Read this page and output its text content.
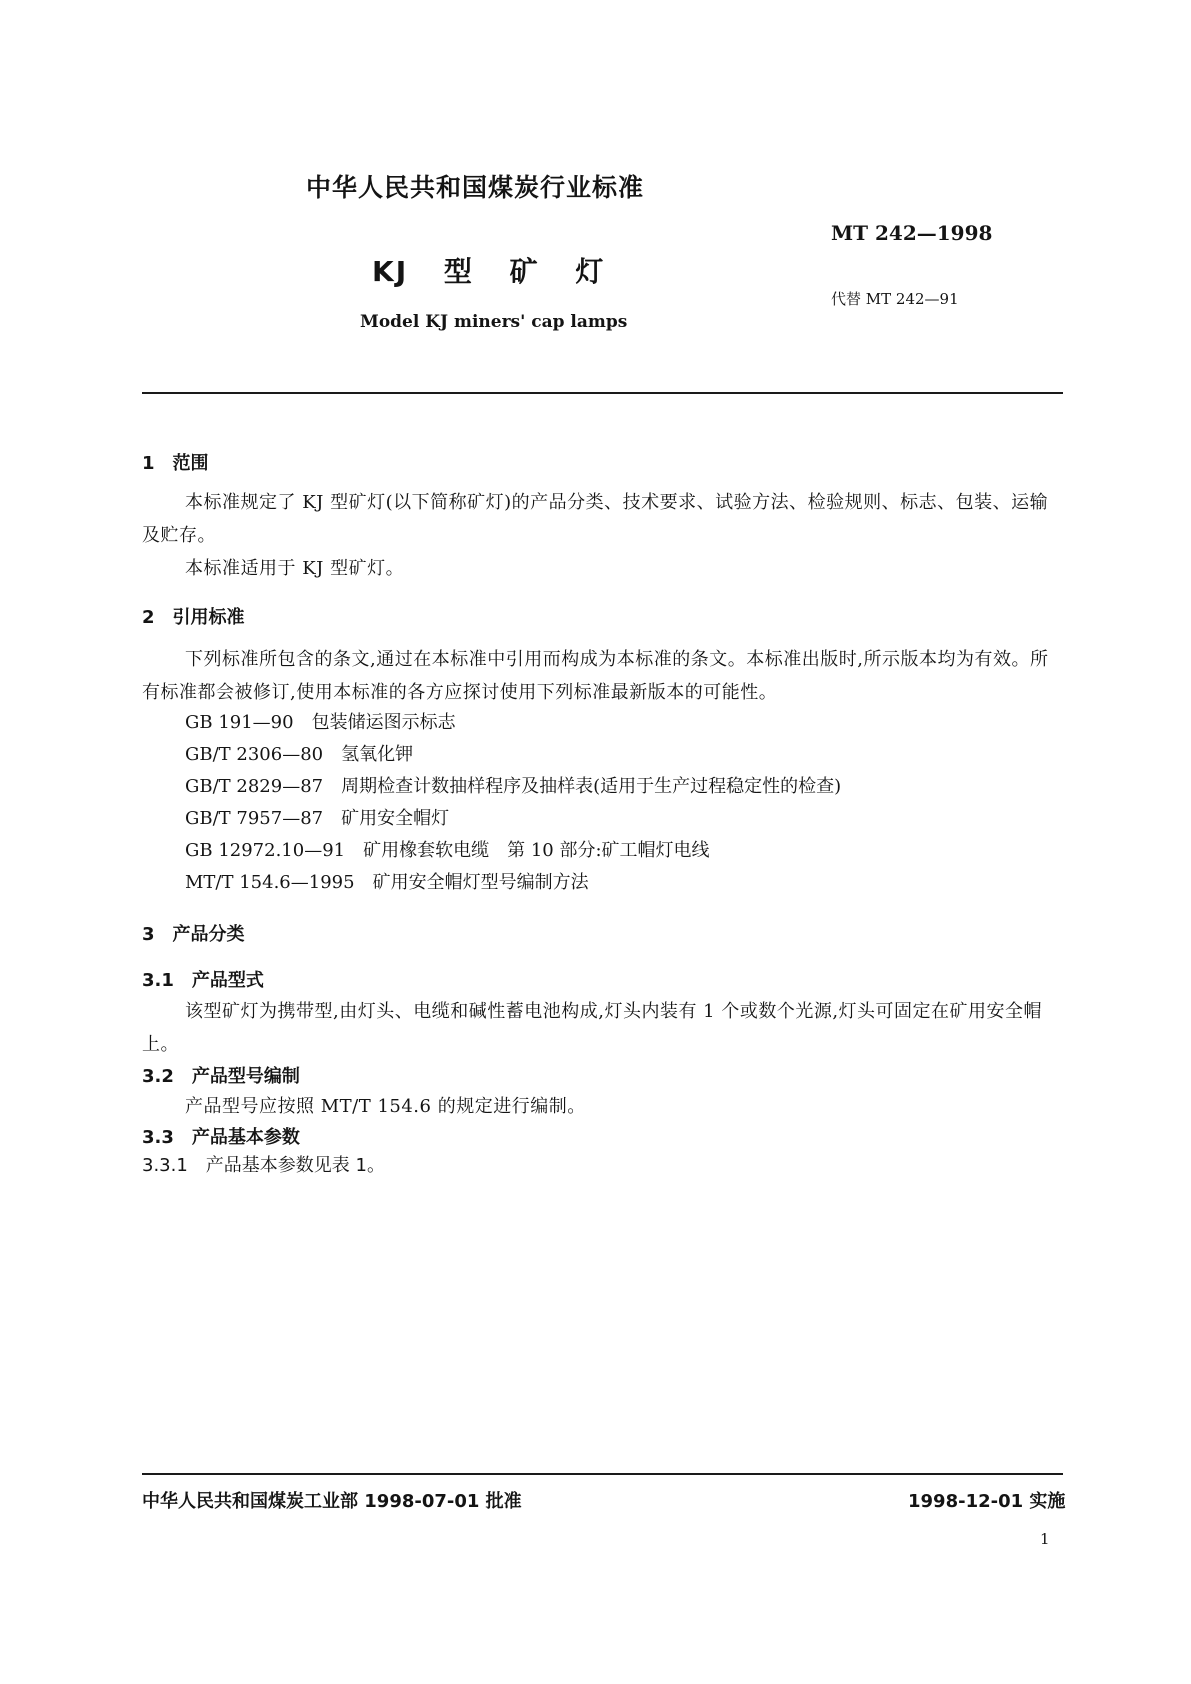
中华人民共和国煤炭行业标准
MT 242—1998
代替 MT 242—91
KJ 型 矿 灯
Model KJ miners' cap lamps
1　范围
本标准规定了 KJ 型矿灯(以下简称矿灯)的产品分类、技术要求、试验方法、检验规则、标志、包装、运输及贮存。
本标准适用于 KJ 型矿灯。
2　引用标准
下列标准所包含的条文,通过在本标准中引用而构成为本标准的条文。本标准出版时,所示版本均为有效。所有标准都会被修订,使用本标准的各方应探讨使用下列标准最新版本的可能性。
GB 191—90 包装储运图示标志
GB/T 2306—80 氢氧化钾
GB/T 2829—87 周期检查计数抽样程序及抽样表(适用于生产过程稳定性的检查)
GB/T 7957—87 矿用安全帽灯
GB 12972.10—91 矿用橡套软电缆　第 10 部分:矿工帽灯电线
MT/T 154.6—1995 矿用安全帽灯型号编制方法
3　产品分类
3.1　产品型式
该型矿灯为携带型,由灯头、电缆和碱性蓄电池构成,灯头内装有 1 个或数个光源,灯头可固定在矿用安全帽上。
3.2　产品型号编制
产品型号应按照 MT/T 154.6 的规定进行编制。
3.3　产品基本参数
3.3.1　产品基本参数见表 1。
中华人民共和国煤炭工业部 1998-07-01 批准	1998-12-01 实施
1
